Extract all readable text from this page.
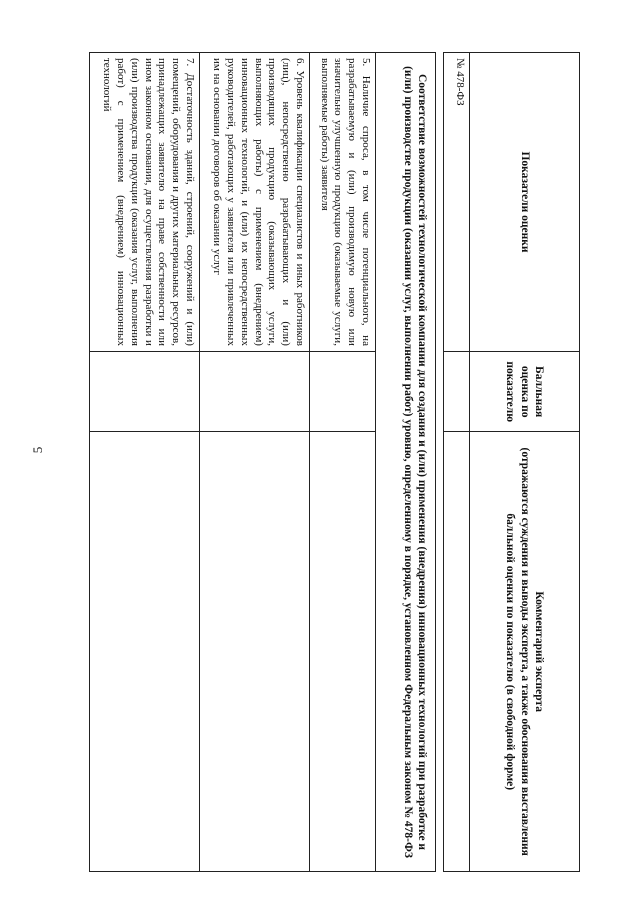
5
Показатели оценки	Балльная оценка по показателю	Комментарий эксперта
(отражаются суждения и выводы эксперта, а также обоснования выставления балльной оценки по показателю (в свободной форме)

№ 478-ФЗ		

Соответствие возможностей технологической компании для создания и (или) применения (внедрения) инновационных технологий при разработке и (или) производстве продукции (оказании услуг, выполнении работ) уровню, определенному в порядке, установленном Федеральным законом № 478-ФЗ		
5. Наличие спроса, в том числе потенциального, на разрабатываемую и (или) производимую новую или значительно улучшенную продукцию (оказываемые услуги, выполняемые работы) заявителя		
6. Уровень квалификации специалистов и иных работников (лиц), непосредственно разрабатывающих и (или) производящих продукцию (оказывающих услуги, выполняющих работы) с применением (внедрением) инновационных технологий, и (или) их непосредственных руководителей, работающих у заявителя или привлеченных им на основании договоров об оказании услуг		
7. Достаточность зданий, строений, сооружений и (или) помещений, оборудования и других материальных ресурсов, принадлежащих заявителю на праве собственности или ином законном основании, для осуществления разработки и (или) производства продукции (оказания услуг, выполнения работ) с применением (внедрением) инновационных технологий		
